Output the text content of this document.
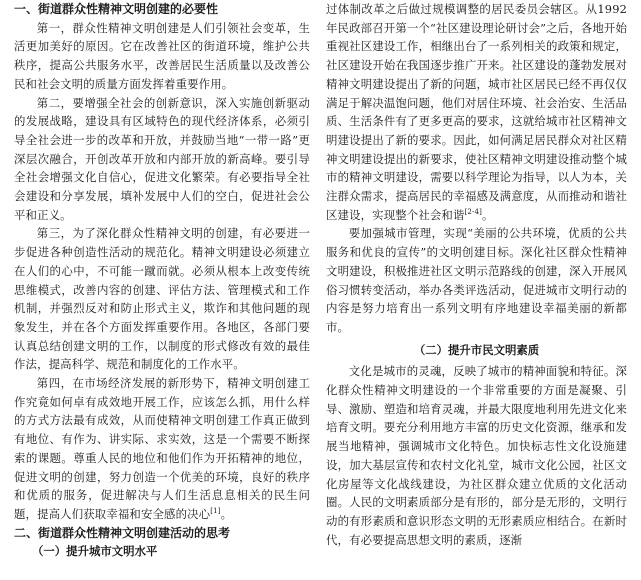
一、街道群众性精神文明创建的必要性

第一，群众性精神文明创建是人们引领社会变革，生活更加美好的原因。它在改善社区的街道环境，维护公共秩序，提高公共服务水平，改善居民生活质量以及改善公民和社会文明的质量方面发挥着重要作用。

第二，要增强全社会的创新意识，深入实施创新驱动的发展战略，建设具有区域特色的现代经济体系，必须引导全社会进一步的改革和开放，并鼓励当地“一带一路”更深层次融合，开创改革开放和内部开放的新高峰。要引导全社会增强文化自信心，促进文化繁荣。有必要指导全社会建设和分享发展，填补发展中人们的空白，促进社会公平和正义。

第三，为了深化群众性精神文明的创建，有必要进一步促进各种创造性活动的规范化。精神文明建设必须建立在人们的心中，不可能一蹴而就。必须从根本上改变传统思维模式，改善内容的创建、评估方法、管理模式和工作机制，并强烈反对和防止形式主义，欺诈和其他问题的现象发生，并在各个方面发挥重要作用。各地区，各部门要认真总结创建文明的工作，以制度的形式修改有效的最佳作法，提高科学、规范和制度化的工作水平。

第四，在市场经济发展的新形势下，精神文明创建工作究竟如何卓有成效地开展工作，应该怎么抓，用什么样的方式方法最有成效，从而使精神文明创建工作真正做到有地位、有作为、讲实际、求实效，这是一个需要不断探索的课题。尊重人民的地位和他们作为开拓精神的地位，促进文明的创建，努力创造一个优美的环境，良好的秩序和优质的服务，促进解决与人们生活息息相关的民生问题，提高人们获取幸福和安全感的决心[1]。

二、街道群众性精神文明创建活动的思考
（一）提升城市文明水平

过体制改革之后做过规模调整的居民委员会辖区。从1992年民政部召开第一个“社区建设理论研讨会”之后，各地开始重视社区建设工作，相继出台了一系列相关的政策和规定，社区建设开始在我国逐步推广开来。社区建设的蓬勃发展对精神文明建设提出了新的问题，城市社区居民已经不再仅仅满足于解决温饱问题，他们对居住环境、社会治安、生活品质、生活条件有了更多更高的要求，这就给城市社区精神文明建设提出了新的要求。因此，如何满足居民群众对社区精神文明建设提出的新要求，使社区精神文明建设推动整个城市的精神文明建设，需要以科学理论为指导，以人为本，关注群众需求，提高居民的幸福感及满意度，从而推动和谐社区建设，实现整个社会和谐[2-4]。

要加强城市管理，实现“美丽的公共环境，优质的公共服务和优良的宣传”的文明创建目标。深化社区群众性精神文明建设，积极推进社区文明示范路线的创建，深入开展风俗习惯转变活动，举办各类评选活动，促进城市文明行动的内容是努力培育出一系列文明有序地建设幸福美丽的新都市。

（二）提升市民文明素质

文化是城市的灵魂，反映了城市的精神面貌和特征。深化群众性精神文明建设的一个非常重要的方面是凝聚、引导、激励、塑造和培育灵魂，并最大限度地利用先进文化来培育文明。要充分利用地方丰富的历史文化资源，继承和发展当地精神，强调城市文化特色。加快标志性文化设施建设，加大基层宣传和农村文化礼堂，城市文化公园，社区文化房屋等文化战线建设，为社区群众建立优质的文化活动圈。人民的文明素质部分是有形的，部分是无形的，文明行动的有形素质和意识形态文明的无形素质应相结合。在新时代，有必要提高思想文明的素质，逐渐
